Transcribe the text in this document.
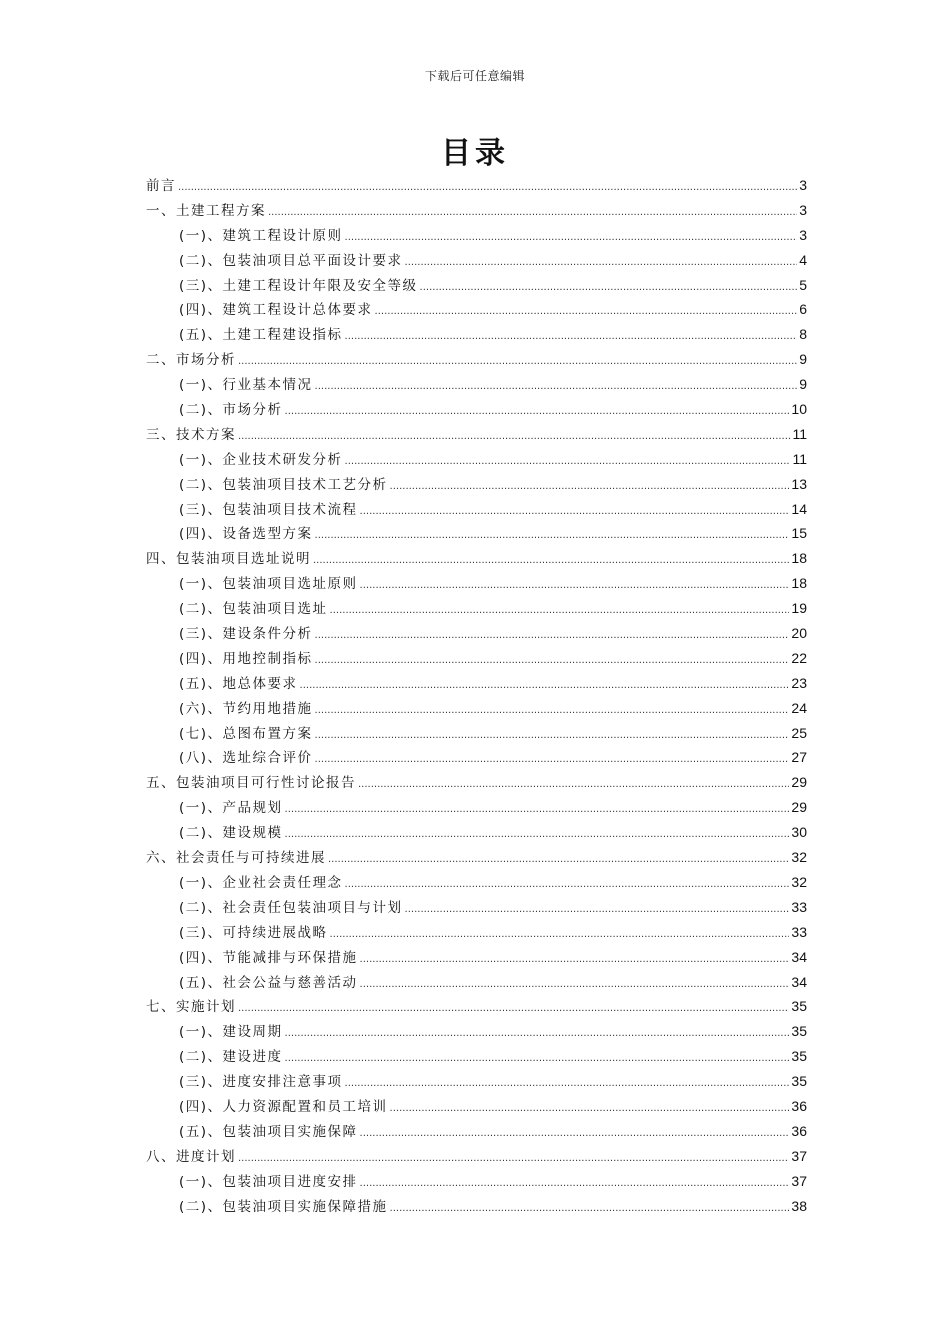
下载后可任意编辑
目录
前言 .....	3
一、土建工程方案 .....	3
(一)、建筑工程设计原则 .....	3
(二)、包装油项目总平面设计要求 .....	4
(三)、土建工程设计年限及安全等级 .....	5
(四)、建筑工程设计总体要求 .....	6
(五)、土建工程建设指标 .....	8
二、市场分析 .....	9
(一)、行业基本情况 .....	9
(二)、市场分析 .....	10
三、技术方案 .....	11
(一)、企业技术研发分析 .....	11
(二)、包装油项目技术工艺分析 .....	13
(三)、包装油项目技术流程 .....	14
(四)、设备选型方案 .....	15
四、包装油项目选址说明 .....	18
(一)、包装油项目选址原则 .....	18
(二)、包装油项目选址 .....	19
(三)、建设条件分析 .....	20
(四)、用地控制指标 .....	22
(五)、地总体要求 .....	23
(六)、节约用地措施 .....	24
(七)、总图布置方案 .....	25
(八)、选址综合评价 .....	27
五、包装油项目可行性讨论报告 .....	29
(一)、产品规划 .....	29
(二)、建设规模 .....	30
六、社会责任与可持续进展 .....	32
(一)、企业社会责任理念 .....	32
(二)、社会责任包装油项目与计划 .....	33
(三)、可持续进展战略 .....	33
(四)、节能减排与环保措施 .....	34
(五)、社会公益与慈善活动 .....	34
七、实施计划 .....	35
(一)、建设周期 .....	35
(二)、建设进度 .....	35
(三)、进度安排注意事项 .....	35
(四)、人力资源配置和员工培训 .....	36
(五)、包装油项目实施保障 .....	36
八、进度计划 .....	37
(一)、包装油项目进度安排 .....	37
(二)、包装油项目实施保障措施 .....	38
